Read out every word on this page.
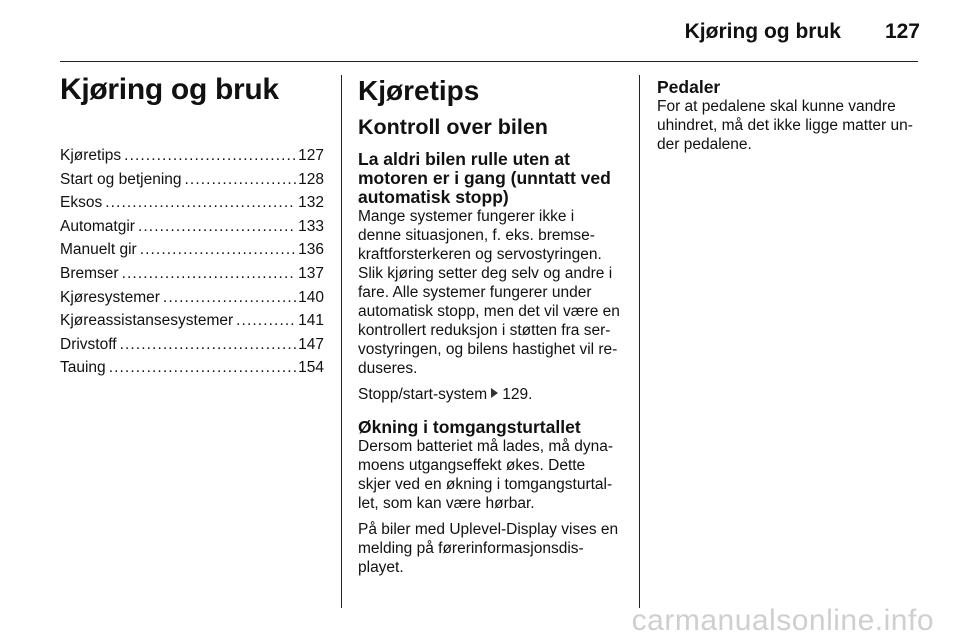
Kjøring og bruk 127
Kjøring og bruk
Kjøretips . . .	127
Start og betjening . . .	128
Eksos . . .	132
Automatgir . . .	133
Manuelt gir . . .	136
Bremser . . .	137
Kjøresystemer . . .	140
Kjøreassistansesystemer . . .	141
Drivstoff . . .	147
Tauing . . .	154
Kjøretips
Kontroll over bilen
La aldri bilen rulle uten at
motoren er i gang (unntatt ved
automatisk stopp)
Mange systemer fungerer ikke i
denne situasjonen, f. eks. bremse-
kraftforsterkeren og servostyringen.
Slik kjøring setter deg selv og andre i
fare. Alle systemer fungerer under
automatisk stopp, men det vil være en
kontrollert reduksjon i støtten fra ser-
vostyringen, og bilens hastighet vil re-
duseres.
Stopp/start-system 129.
Økning i tomgangsturtallet
Dersom batteriet må lades, må dyna-
moens utgangseffekt økes. Dette
skjer ved en økning i tomgangsturtal-
let, som kan være hørbar.
På biler med Uplevel-Display vises en
melding på førerinformasjonsdis-
playet.
Pedaler
For at pedalene skal kunne vandre
uhindret, må det ikke ligge matter un-
der pedalene.
carmanualsonline.info
